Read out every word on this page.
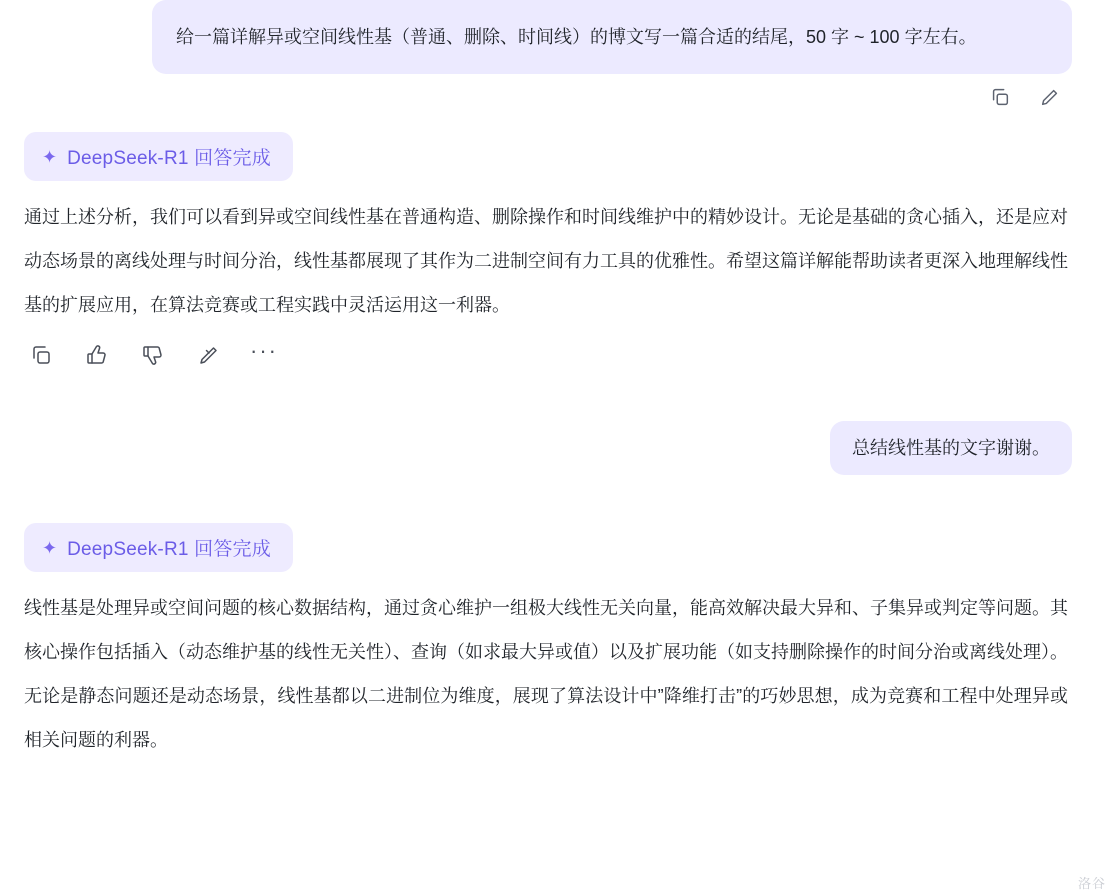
给一篇详解异或空间线性基（普通、删除、时间线）的博文写一篇合适的结尾，50 字 ~ 100 字左右。
✦ DeepSeek-R1 回答完成
通过上述分析，我们可以看到异或空间线性基在普通构造、删除操作和时间线维护中的精妙设计。无论是基础的贪心插入，还是应对动态场景的离线处理与时间分治，线性基都展现了其作为二进制空间有力工具的优雅性。希望这篇详解能帮助读者更深入地理解线性基的扩展应用，在算法竞赛或工程实践中灵活运用这一利器。
···
总结线性基的文字谢谢。
✦ DeepSeek-R1 回答完成
线性基是处理异或空间问题的核心数据结构，通过贪心维护一组极大线性无关向量，能高效解决最大异和、子集异或判定等问题。其核心操作包括插入（动态维护基的线性无关性）、查询（如求最大异或值）以及扩展功能（如支持删除操作的时间分治或离线处理）。无论是静态问题还是动态场景，线性基都以二进制位为维度，展现了算法设计中”降维打击”的巧妙思想，成为竞赛和工程中处理异或相关问题的利器。
洛谷
